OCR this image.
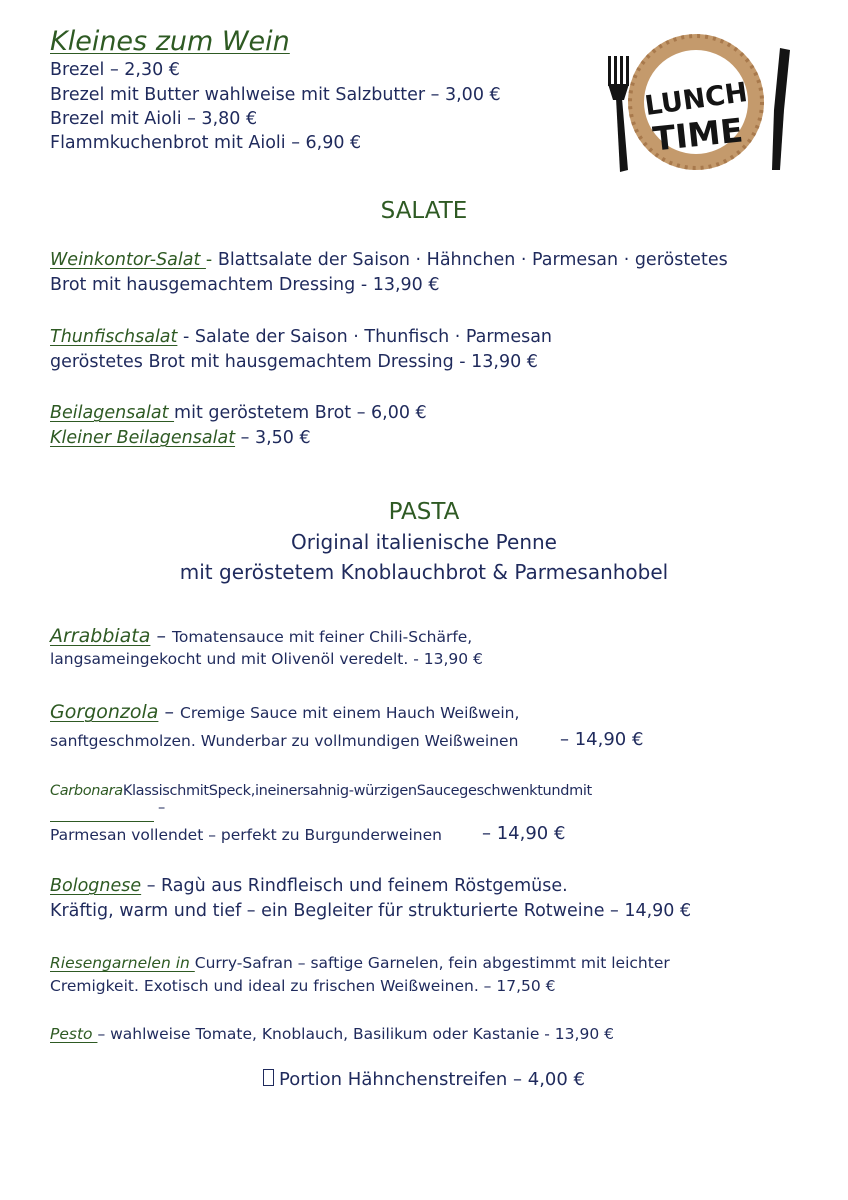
Kleines zum Wein
Brezel – 2,30 €
Brezel mit Butter wahlweise mit Salzbutter – 3,00 €
Brezel mit Aioli – 3,80 €
Flammkuchenbrot mit Aioli – 6,90 €
LUNCH
TIME
SALATE
Weinkontor-Salat - Blattsalate der Saison · Hähnchen · Parmesan · geröstetes
Brot mit hausgemachtem Dressing - 13,90 €
Thunfischsalat - Salate der Saison · Thunfisch · Parmesan
geröstetes Brot mit hausgemachtem Dressing - 13,90 €
Beilagensalat mit geröstetem Brot – 6,00 €
Kleiner Beilagensalat – 3,50 €
PASTA
Original italienische Penne
mit geröstetem Knoblauchbrot & Parmesanhobel
Arrabbiata – Tomatensauce mit feiner Chili-Schärfe,
langsameingekocht und mit Olivenöl veredelt. - 13,90 €
Gorgonzola – Cremige Sauce mit einem Hauch Weißwein,
sanftgeschmolzen. Wunderbar zu vollmundigen Weißweinen – 14,90 €
CarbonaraKlassischmitSpeck,ineinersahnig-würzigenSaucegeschwenktundmit
–
Parmesan vollendet – perfekt zu Burgunderweinen – 14,90 €
Bolognese – Ragù aus Rindfleisch und feinem Röstgemüse.
Kräftig, warm und tief – ein Begleiter für strukturierte Rotweine – 14,90 €
Riesengarnelen in Curry-Safran – saftige Garnelen, fein abgestimmt mit leichter
Cremigkeit. Exotisch und ideal zu frischen Weißweinen. – 17,50 €
Pesto – wahlweise Tomate, Knoblauch, Basilikum oder Kastanie - 13,90 €
Portion Hähnchenstreifen – 4,00 €
